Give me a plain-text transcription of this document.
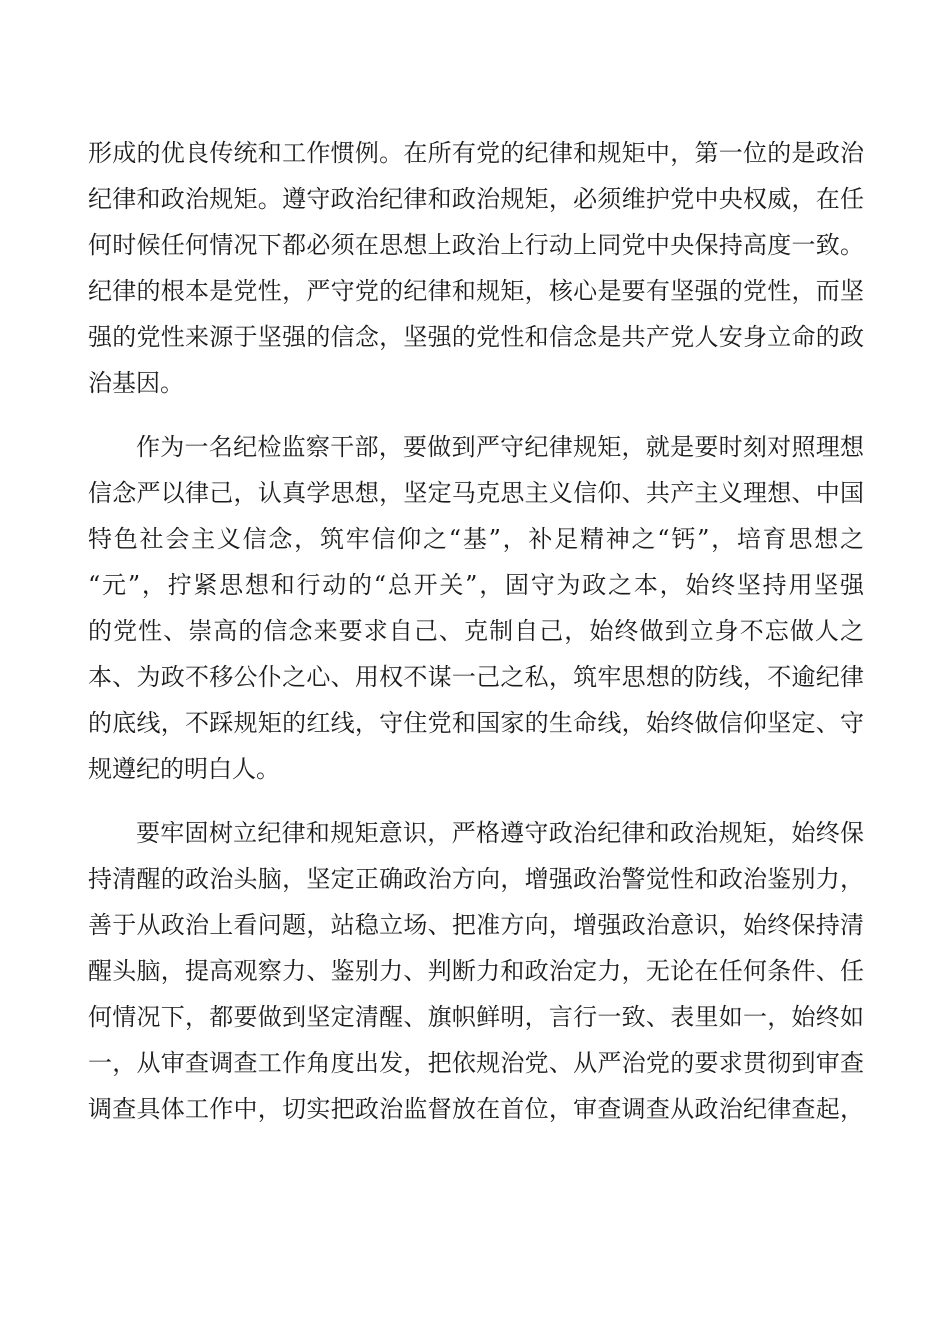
形成的优良传统和工作惯例。在所有党的纪律和规矩中，第一位的是政治
纪律和政治规矩。遵守政治纪律和政治规矩，必须维护党中央权威，在任
何时候任何情况下都必须在思想上政治上行动上同党中央保持高度一致。
纪律的根本是党性，严守党的纪律和规矩，核心是要有坚强的党性，而坚
强的党性来源于坚强的信念，坚强的党性和信念是共产党人安身立命的政
治基因。

作为一名纪检监察干部，要做到严守纪律规矩，就是要时刻对照理想
信念严以律己，认真学思想，坚定马克思主义信仰、共产主义理想、中国
特色社会主义信念，筑牢信仰之“基”，补足精神之“钙”，培育思想之
“元”，拧紧思想和行动的“总开关”，固守为政之本，始终坚持用坚强
的党性、崇高的信念来要求自己、克制自己，始终做到立身不忘做人之
本、为政不移公仆之心、用权不谋一己之私，筑牢思想的防线，不逾纪律
的底线，不踩规矩的红线，守住党和国家的生命线，始终做信仰坚定、守
规遵纪的明白人。

要牢固树立纪律和规矩意识，严格遵守政治纪律和政治规矩，始终保
持清醒的政治头脑，坚定正确政治方向，增强政治警觉性和政治鉴别力，
善于从政治上看问题，站稳立场、把准方向，增强政治意识，始终保持清
醒头脑，提高观察力、鉴别力、判断力和政治定力，无论在任何条件、任
何情况下，都要做到坚定清醒、旗帜鲜明，言行一致、表里如一，始终如
一，从审查调查工作角度出发，把依规治党、从严治党的要求贯彻到审查
调查具体工作中，切实把政治监督放在首位，审查调查从政治纪律查起，
